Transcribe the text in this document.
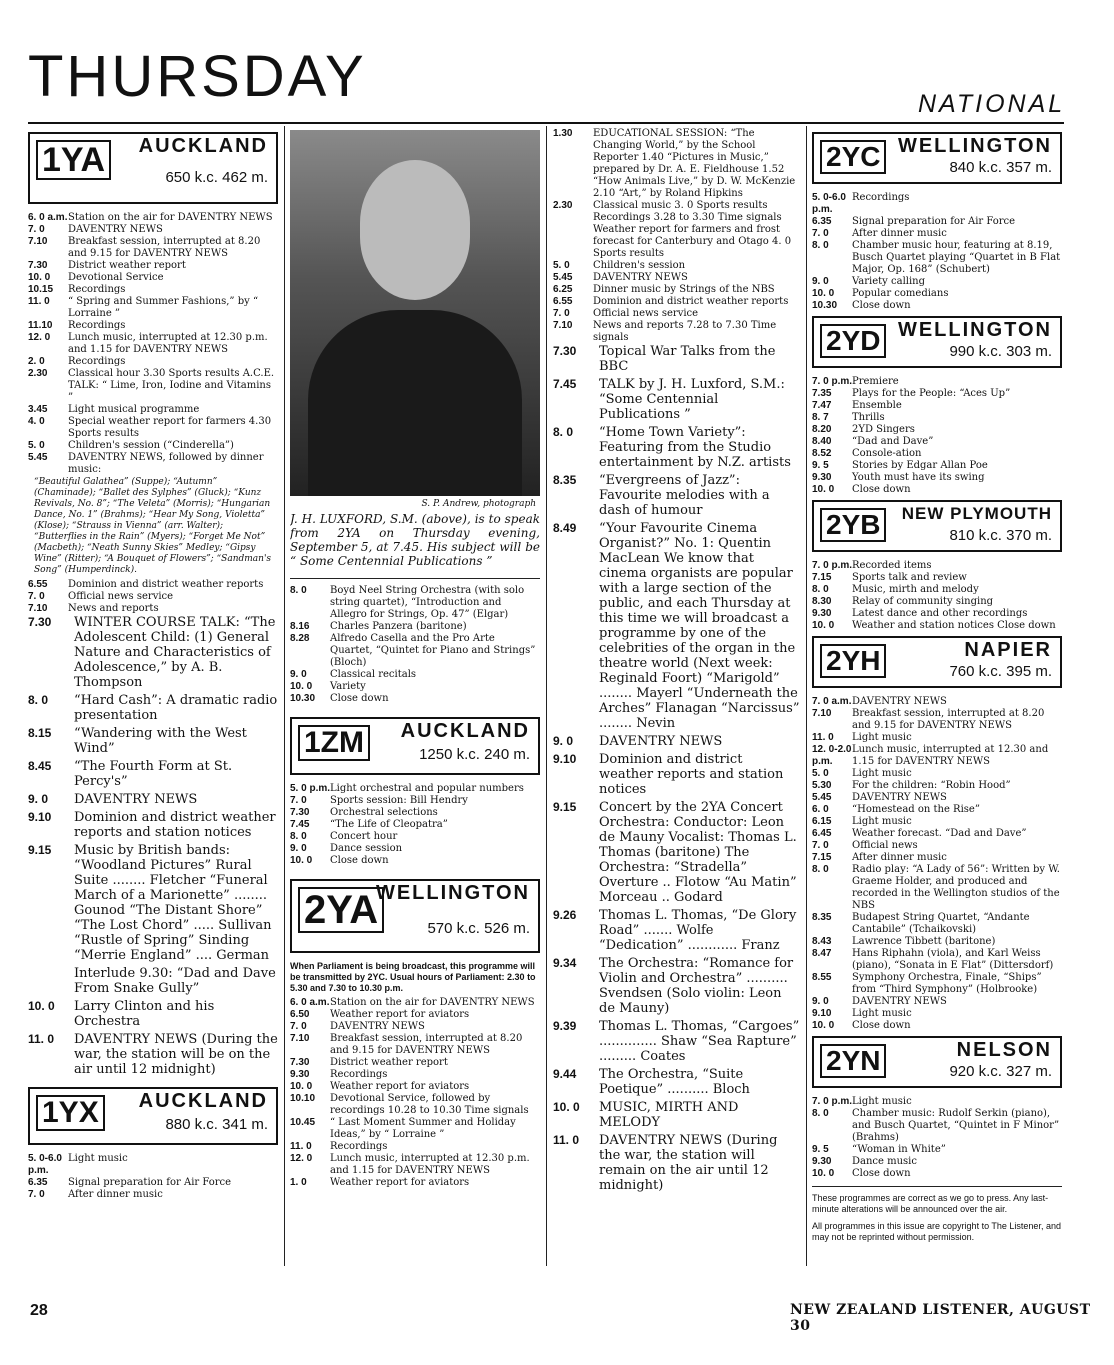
THURSDAY	NATIONAL
1YA	AUCKLAND
650 k.c. 462 m.
6. 0 a.m. Station on the air for DAVENTRY NEWS
7. 0	DAVENTRY NEWS
7.10	Breakfast session, interrupted at 8.20 and 9.15 for DAVENTRY NEWS
7.30	District weather report
10. 0	Devotional Service
10.15	Recordings
11. 0	“ Spring and Summer Fashions,” by “ Lorraine ”
11.10	Recordings
12. 0	Lunch music, interrupted at 12.30 p.m. and 1.15 for DAVENTRY NEWS
2. 0	Recordings
2.30	Classical hour 3.30 Sports results A.C.E. TALK: “ Lime, Iron, Iodine and Vitamins ”
3.45	Light musical programme
4. 0	Special weather report for farmers 4.30 Sports results
5. 0	Children's session (“Cinderella”)
5.45	DAVENTRY NEWS, followed by dinner music:
“Beautiful Galathea” (Suppe); “Autumn” (Chaminade); “Ballet des Sylphes” (Gluck); “Kunz Revivals, No. 8”; “The Veleta” (Morris); “Hungarian Dance, No. 1” (Brahms); “Hear My Song, Violetta” (Klose); “Strauss in Vienna” (arr. Walter); “Butterflies in the Rain” (Myers); “Forget Me Not” (Macbeth); “Neath Sunny Skies” Medley; “Gipsy Wine” (Ritter); “A Bouquet of Flowers”; “Sandman's Song” (Humperdinck).
6.55	Dominion and district weather reports
7. 0	Official news service
7.10	News and reports
7.30	WINTER COURSE TALK: “The Adolescent Child: (1) General Nature and Characteristics of Adolescence,” by A. B. Thompson
8. 0	“Hard Cash”: A dramatic radio presentation
8.15	“Wandering with the West Wind”
8.45	“The Fourth Form at St. Percy's”
9. 0	DAVENTRY NEWS
9.10	Dominion and district weather reports and station notices
9.15	Music by British bands: “Woodland Pictures” Rural Suite ........ Fletcher “Funeral March of a Marionette” ........ Gounod “The Distant Shore” “The Lost Chord” ..... Sullivan “Rustle of Spring” Sinding “Merrie England” .... German
Interlude 9.30: “Dad and Dave From Snake Gully”
10. 0	Larry Clinton and his Orchestra
11. 0	DAVENTRY NEWS (During the war, the station will be on the air until 12 midnight)
1YX	AUCKLAND
880 k.c. 341 m.
5. 0-6.0 p.m.
Light music
6.35	Signal preparation for Air Force
7. 0	After dinner music
S. P. Andrew, photograph
J. H. LUXFORD, S.M. (above), is to speak from 2YA on Thursday evening, September 5, at 7.45. His subject will be “ Some Centennial Publications ”
8. 0	Boyd Neel String Orchestra (with solo string quartet), “Introduction and Allegro for Strings, Op. 47” (Elgar)
8.16	Charles Panzera (baritone)
8.28	Alfredo Casella and the Pro Arte Quartet, “Quintet for Piano and Strings” (Bloch)
9. 0	Classical recitals
10. 0	Variety
10.30	Close down
1ZM	AUCKLAND
1250 k.c. 240 m.
5. 0 p.m. Light orchestral and popular numbers
7. 0	Sports session: Bill Hendry
7.30	Orchestral selections
7.45	“The Life of Cleopatra”
8. 0	Concert hour
9. 0	Dance session
10. 0	Close down
2YA
WELLINGTON
570 k.c. 526 m.
When Parliament is being broadcast, this programme will be transmitted by 2YC. Usual hours of Parliament: 2.30 to 5.30 and 7.30 to 10.30 p.m.
6. 0 a.m. Station on the air for DAVENTRY NEWS
6.50	Weather report for aviators
7. 0	DAVENTRY NEWS
7.10	Breakfast session, interrupted at 8.20 and 9.15 for DAVENTRY NEWS
7.30	District weather report
9.30	Recordings
10. 0	Weather report for aviators
10.10	Devotional Service, followed by recordings 10.28 to 10.30 Time signals
10.45	“ Last Moment Summer and Holiday Ideas,” by “ Lorraine ”
11. 0	Recordings
12. 0	Lunch music, interrupted at 12.30 p.m. and 1.15 for DAVENTRY NEWS
1. 0	Weather report for aviators
1.30	EDUCATIONAL SESSION: “The Changing World,” by the School Reporter 1.40 “Pictures in Music,” prepared by Dr. A. E. Fieldhouse 1.52 “How Animals Live,” by D. W. McKenzie 2.10 “Art,” by Roland Hipkins
2.30	Classical music 3. 0 Sports results Recordings 3.28 to 3.30 Time signals Weather report for farmers and frost forecast for Canterbury and Otago 4. 0 Sports results
5. 0	Children's session
5.45	DAVENTRY NEWS
6.25	Dinner music by Strings of the NBS
6.55	Dominion and district weather reports
7. 0	Official news service
7.10	News and reports 7.28 to 7.30 Time signals
7.30	Topical War Talks from the BBC
7.45	TALK by J. H. Luxford, S.M.: “Some Centennial Publications ”
8. 0	“Home Town Variety”: Featuring from the Studio entertainment by N.Z. artists
8.35	“Evergreens of Jazz”: Favourite melodies with a dash of humour
8.49	“Your Favourite Cinema Organist?” No. 1: Quentin MacLean We know that cinema organists are popular with a large section of the public, and each Thursday at this time we will broadcast a programme by one of the celebrities of the organ in the theatre world (Next week: Reginald Foort) “Marigold” ........ Mayerl “Underneath the Arches” Flanagan “Narcissus” ........ Nevin
9. 0	DAVENTRY NEWS
9.10	Dominion and district weather reports and station notices
9.15	Concert by the 2YA Concert Orchestra: Conductor: Leon de Mauny Vocalist: Thomas L. Thomas (baritone) The Orchestra: “Stradella” Overture .. Flotow “Au Matin” Morceau .. Godard
9.26	Thomas L. Thomas, “De Glory Road” ....... Wolfe “Dedication” ............ Franz
9.34	The Orchestra: “Romance for Violin and Orchestra” .......... Svendsen (Solo violin: Leon de Mauny)
9.39	Thomas L. Thomas, “Cargoes” .............. Shaw “Sea Rapture” ......... Coates
9.44	The Orchestra, “Suite Poetique” .......... Bloch
10. 0	MUSIC, MIRTH AND MELODY
11. 0	DAVENTRY NEWS (During the war, the station will remain on the air until 12 midnight)
2YC WELLINGTON
840 k.c. 357 m.
5. 0-6.0 p.m.
Recordings
6.35	Signal preparation for Air Force
7. 0	After dinner music
8. 0	Chamber music hour, featuring at 8.19, Busch Quartet playing “Quartet in B Flat Major, Op. 168” (Schubert)
9. 0	Variety calling
10. 0	Popular comedians
10.30	Close down
2YD WELLINGTON
990 k.c. 303 m.
7. 0 p.m. Premiere
7.35	Plays for the People: “Aces Up”
7.47	Ensemble
8. 7	Thrills
8.20	2YD Singers
8.40	“Dad and Dave”
8.52	Console-ation
9. 5	Stories by Edgar Allan Poe
9.30	Youth must have its swing
10. 0	Close down
2YB	NEW PLYMOUTH
810 k.c. 370 m.
7. 0 p.m. Recorded items
7.15	Sports talk and review
8. 0	Music, mirth and melody
8.30	Relay of community singing
9.30	Latest dance and other recordings
10. 0	Weather and station notices Close down
2YH	NAPIER
760 k.c. 395 m.
7. 0 a.m. DAVENTRY NEWS
7.10	Breakfast session, interrupted at 8.20 and 9.15 for DAVENTRY NEWS
11. 0	Light music
12. 0-2.0 p.m.
Lunch music, interrupted at 12.30 and 1.15 for DAVENTRY NEWS
5. 0	Light music
5.30	For the children: “Robin Hood”
5.45	DAVENTRY NEWS
6. 0	“Homestead on the Rise”
6.15	Light music
6.45	Weather forecast. “Dad and Dave”
7. 0	Official news
7.15	After dinner music
8. 0	Radio play: “A Lady of 56”: Written by W. Graeme Holder, and produced and recorded in the Wellington studios of the NBS
8.35	Budapest String Quartet, “Andante Cantabile” (Tchaikovski)
8.43	Lawrence Tibbett (baritone)
8.47	Hans Riphahn (viola), and Karl Weiss (piano), “Sonata in E Flat” (Dittersdorf)
8.55	Symphony Orchestra, Finale, “Ships” from “Third Symphony” (Holbrooke)
9. 0	DAVENTRY NEWS
9.10	Light music
10. 0	Close down
2YN	NELSON
920 k.c. 327 m.
7. 0 p.m. Light music
8. 0	Chamber music: Rudolf Serkin (piano), and Busch Quartet, “Quintet in F Minor” (Brahms)
9. 5	“Woman in White”
9.30	Dance music
10. 0	Close down
These programmes are correct as we go to press. Any last-minute alterations will be announced over the air.
All programmes in this issue are copyright to The Listener, and may not be reprinted without permission.
28	NEW ZEALAND LISTENER, AUGUST 30
